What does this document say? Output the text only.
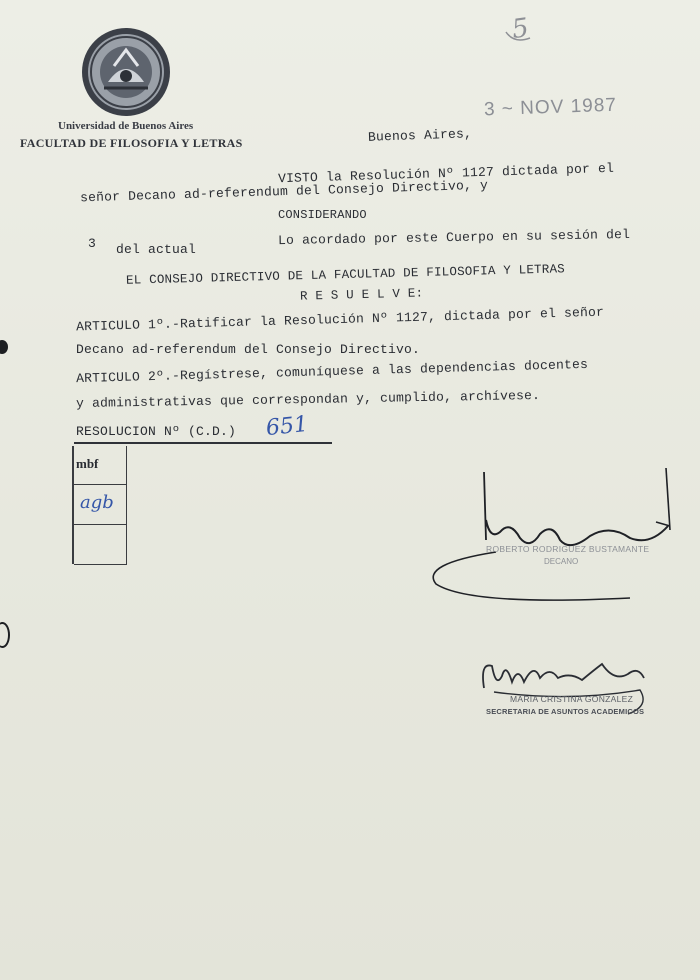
5
Universidad de Buenos Aires
FACULTAD DE FILOSOFIA Y LETRAS
3 ~ NOV 1987
Buenos Aires,
VISTO la Resolución Nº 1127 dictada por el
señor Decano ad-referendum del Consejo Directivo, y
CONSIDERANDO
Lo acordado por este Cuerpo en su sesión del
3 del actual
EL CONSEJO DIRECTIVO DE LA FACULTAD DE FILOSOFIA Y LETRAS
R E S U E L V E:
ARTICULO 1º.-Ratificar la Resolución Nº 1127, dictada por el señor
Decano ad-referendum del Consejo Directivo.
ARTICULO 2º.-Regístrese, comuníquese a las dependencias docentes
y administrativas que correspondan y, cumplido, archívese.
RESOLUCION Nº (C.D.) 651
mbf
agb
ROBERTO RODRIGUEZ BUSTAMANTE
DECANO
MARIA CRISTINA GONZALEZ
SECRETARIA DE ASUNTOS ACADEMICOS
